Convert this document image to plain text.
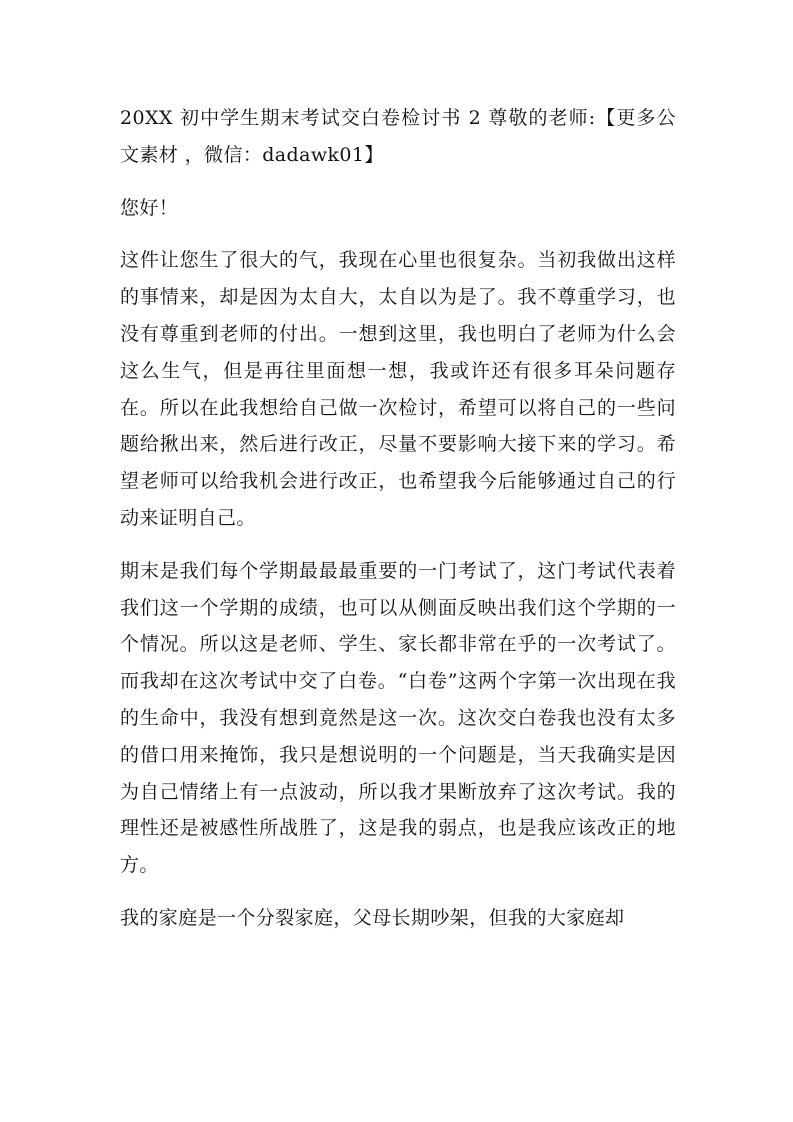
20XX 初中学生期末考试交白卷检讨书 2 尊敬的老师:【更多公文素材 ，微信：dadawk01】

您好！

这件让您生了很大的气，我现在心里也很复杂。当初我做出这样的事情来，却是因为太自大，太自以为是了。我不尊重学习，也没有尊重到老师的付出。一想到这里，我也明白了老师为什么会这么生气，但是再往里面想一想，我或许还有很多耳朵问题存在。所以在此我想给自己做一次检讨，希望可以将自己的一些问题给揪出来，然后进行改正，尽量不要影响大接下来的学习。希望老师可以给我机会进行改正，也希望我今后能够通过自己的行动来证明自己。

期末是我们每个学期最最最重要的一门考试了，这门考试代表着我们这一个学期的成绩，也可以从侧面反映出我们这个学期的一个情况。所以这是老师、学生、家长都非常在乎的一次考试了。而我却在这次考试中交了白卷。“白卷”这两个字第一次出现在我的生命中，我没有想到竟然是这一次。这次交白卷我也没有太多的借口用来掩饰，我只是想说明的一个问题是，当天我确实是因为自己情绪上有一点波动，所以我才果断放弃了这次考试。我的理性还是被感性所战胜了，这是我的弱点，也是我应该改正的地方。

我的家庭是一个分裂家庭，父母长期吵架，但我的大家庭却
